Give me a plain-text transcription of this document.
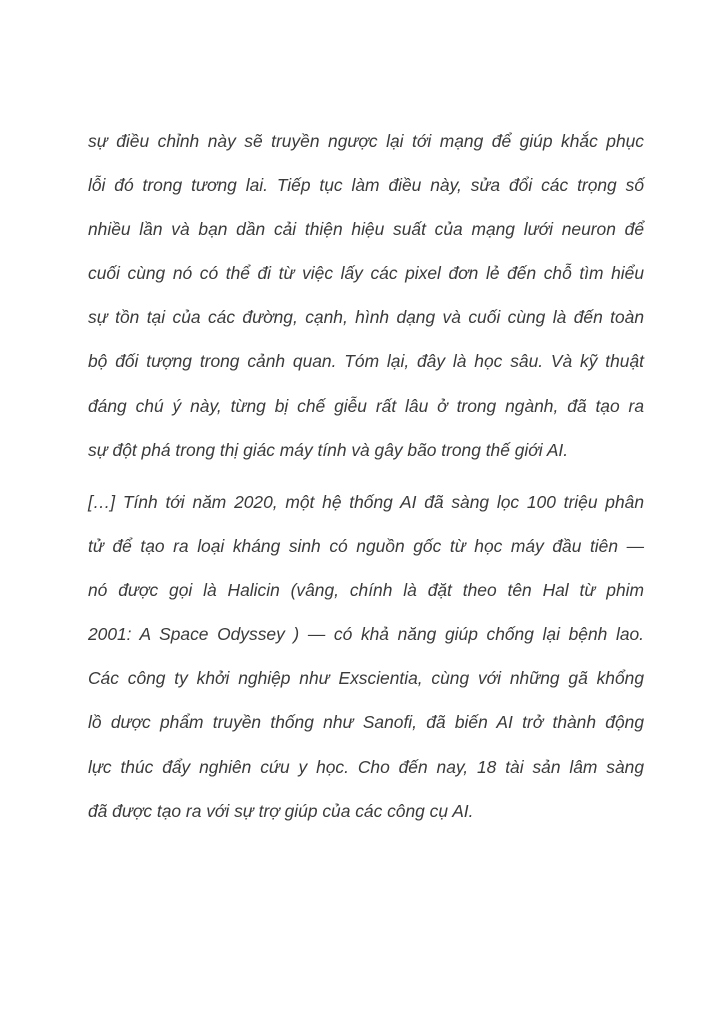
sự điều chỉnh này sẽ truyền ngược lại tới mạng để giúp khắc phục
lỗi đó trong tương lai. Tiếp tục làm điều này, sửa đổi các trọng số
nhiều lần và bạn dần cải thiện hiệu suất của mạng lưới neuron để
cuối cùng nó có thể đi từ việc lấy các pixel đơn lẻ đến chỗ tìm hiểu
sự tồn tại của các đường, cạnh, hình dạng và cuối cùng là đến toàn
bộ đối tượng trong cảnh quan. Tóm lại, đây là học sâu. Và kỹ thuật
đáng chú ý này, từng bị chế giễu rất lâu ở trong ngành, đã tạo ra
sự đột phá trong thị giác máy tính và gây bão trong thế giới AI.

[…] Tính tới năm 2020, một hệ thống AI đã sàng lọc 100 triệu phân
tử để tạo ra loại kháng sinh có nguồn gốc từ học máy đầu tiên —
nó được gọi là Halicin (vâng, chính là đặt theo tên Hal từ phim
2001: A Space Odyssey ) — có khả năng giúp chống lại bệnh lao.
Các công ty khởi nghiệp như Exscientia, cùng với những gã khổng
lồ dược phẩm truyền thống như Sanofi, đã biến AI trở thành động
lực thúc đẩy nghiên cứu y học. Cho đến nay, 18 tài sản lâm sàng
đã được tạo ra với sự trợ giúp của các công cụ AI.
